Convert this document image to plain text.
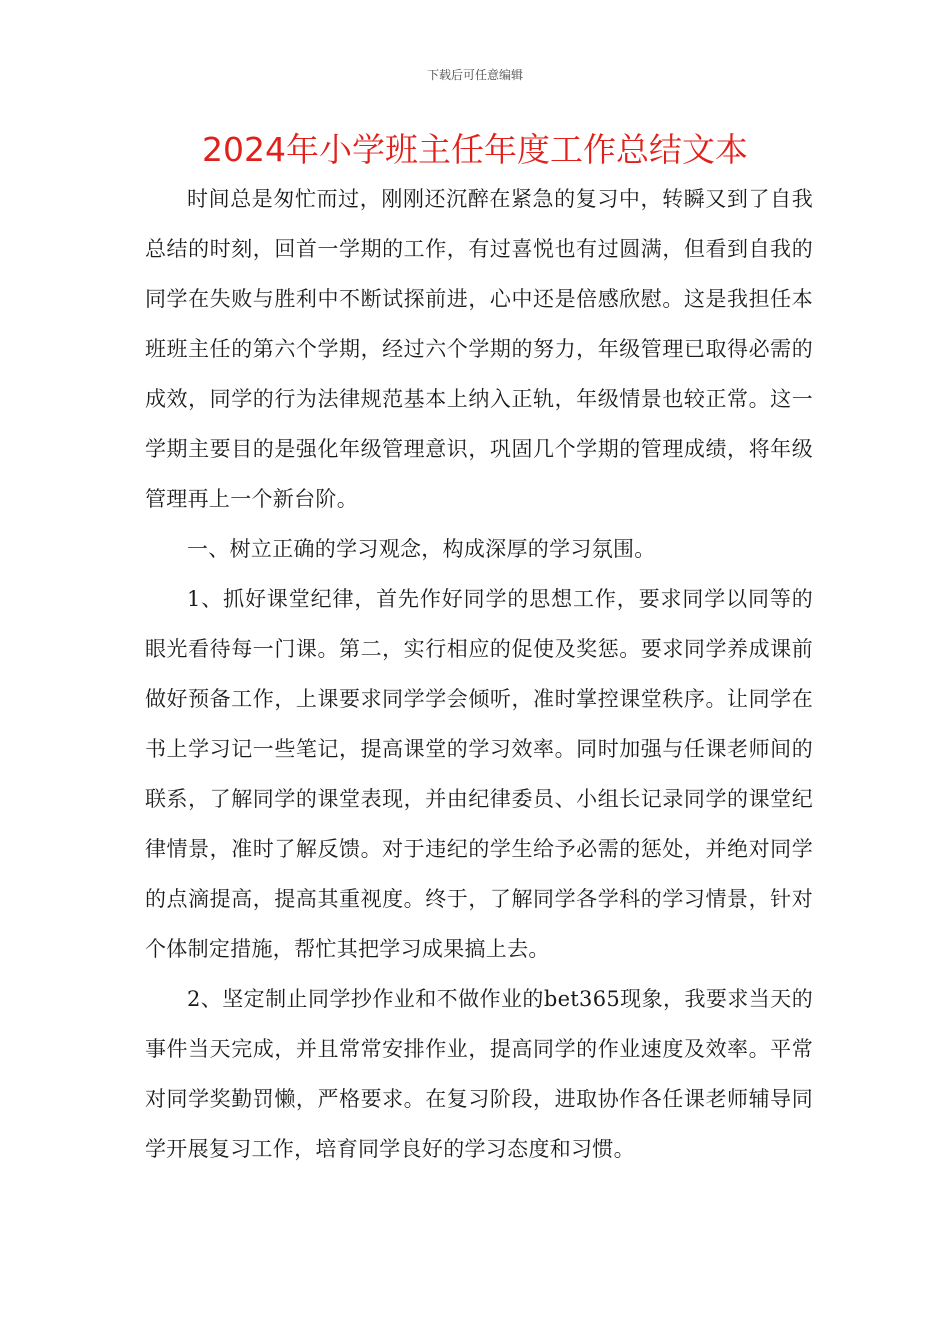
下载后可任意编辑
2024年小学班主任年度工作总结文本

时间总是匆忙而过，刚刚还沉醉在紧急的复习中，转瞬又到了自我总结的时刻，回首一学期的工作，有过喜悦也有过圆满，但看到自我的同学在失败与胜利中不断试探前进，心中还是倍感欣慰。这是我担任本班班主任的第六个学期，经过六个学期的努力，年级管理已取得必需的成效，同学的行为法律规范基本上纳入正轨，年级情景也较正常。这一学期主要目的是强化年级管理意识，巩固几个学期的管理成绩，将年级管理再上一个新台阶。

一、树立正确的学习观念，构成深厚的学习氛围。

1、抓好课堂纪律，首先作好同学的思想工作，要求同学以同等的眼光看待每一门课。第二，实行相应的促使及奖惩。要求同学养成课前做好预备工作，上课要求同学学会倾听，准时掌控课堂秩序。让同学在书上学习记一些笔记，提高课堂的学习效率。同时加强与任课老师间的联系，了解同学的课堂表现，并由纪律委员、小组长记录同学的课堂纪律情景，准时了解反馈。对于违纪的学生给予必需的惩处，并绝对同学的点滴提高，提高其重视度。终于，了解同学各学科的学习情景，针对个体制定措施，帮忙其把学习成果搞上去。

2、坚定制止同学抄作业和不做作业的bet365现象，我要求当天的事件当天完成，并且常常安排作业，提高同学的作业速度及效率。平常对同学奖勤罚懒，严格要求。在复习阶段，进取协作各任课老师辅导同学开展复习工作，培育同学良好的学习态度和习惯。
